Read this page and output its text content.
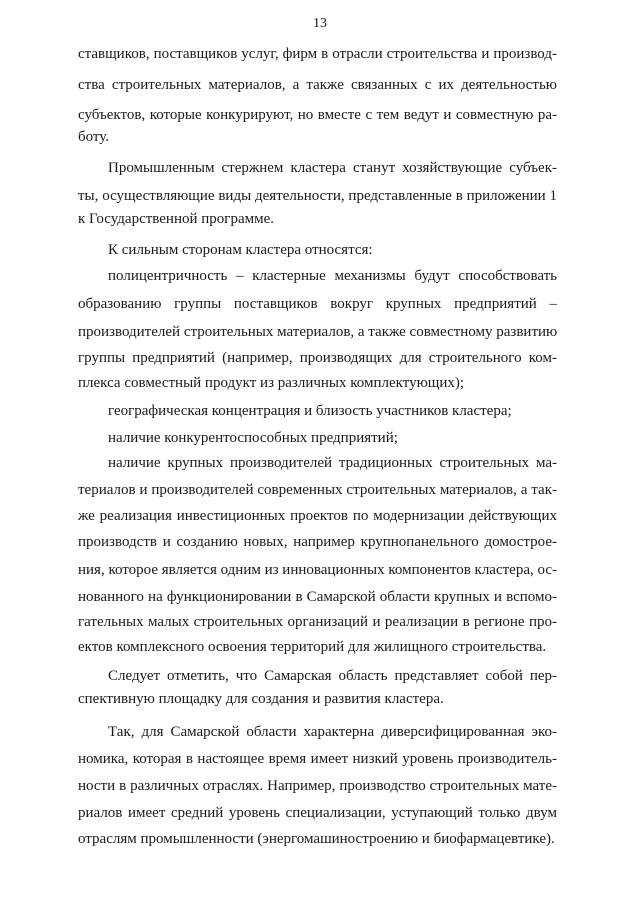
13
ставщиков, поставщиков услуг, фирм в отрасли строительства и производ-
ства строительных материалов, а также связанных с их деятельностью
субъектов, которые конкурируют, но вместе с тем ведут и совместную ра-
боту.
Промышленным стержнем кластера станут хозяйствующие субъек-
ты, осуществляющие виды деятельности, представленные в приложении 1
к Государственной программе.
К сильным сторонам кластера относятся:
полицентричность – кластерные механизмы будут способствовать
образованию группы поставщиков вокруг крупных предприятий –
производителей строительных материалов, а также совместному развитию
группы предприятий (например, производящих для строительного ком-
плекса совместный продукт из различных комплектующих);
географическая концентрация и близость участников кластера;
наличие конкурентоспособных предприятий;
наличие крупных производителей традиционных строительных ма-
териалов и производителей современных строительных материалов, а так-
же реализация инвестиционных проектов по модернизации действующих
производств и созданию новых, например крупнопанельного домострое-
ния, которое является одним из инновационных компонентов кластера, ос-
нованного на функционировании в Самарской области крупных и вспомо-
гательных малых строительных организаций и реализации в регионе про-
ектов комплексного освоения территорий для жилищного строительства.
Следует отметить, что Самарская область представляет собой пер-
спективную площадку для создания и развития кластера.
Так, для Самарской области характерна диверсифицированная эко-
номика, которая в настоящее время имеет низкий уровень производитель-
ности в различных отраслях. Например, производство строительных мате-
риалов имеет средний уровень специализации, уступающий только двум
отраслям промышленности (энергомашиностроению и биофармацевтике).
